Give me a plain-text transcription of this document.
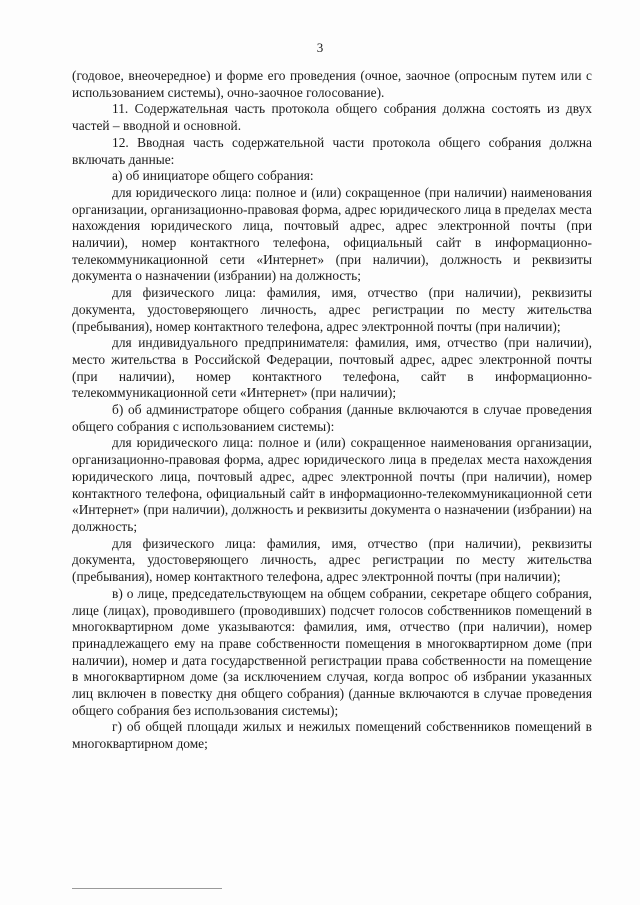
3

(годовое, внеочередное) и форме его проведения (очное, заочное (опросным путем или с использованием системы), очно-заочное голосование).

11. Содержательная часть протокола общего собрания должна состоять из двух частей – вводной и основной.

12. Вводная часть содержательной части протокола общего собрания должна включать данные:

а) об инициаторе общего собрания:

для юридического лица: полное и (или) сокращенное (при наличии) наименования организации, организационно-правовая форма, адрес юридического лица в пределах места нахождения юридического лица, почтовый адрес, адрес электронной почты (при наличии), номер контактного телефона, официальный сайт в информационно-телекоммуникационной сети «Интернет» (при наличии), должность и реквизиты документа о назначении (избрании) на должность;

для физического лица: фамилия, имя, отчество (при наличии), реквизиты документа, удостоверяющего личность, адрес регистрации по месту жительства (пребывания), номер контактного телефона, адрес электронной почты (при наличии);

для индивидуального предпринимателя: фамилия, имя, отчество (при наличии), место жительства в Российской Федерации, почтовый адрес, адрес электронной почты (при наличии), номер контактного телефона, сайт в информационно-телекоммуникационной сети «Интернет» (при наличии);

б) об администраторе общего собрания (данные включаются в случае проведения общего собрания с использованием системы):

для юридического лица: полное и (или) сокращенное наименования организации, организационно-правовая форма, адрес юридического лица в пределах места нахождения юридического лица, почтовый адрес, адрес электронной почты (при наличии), номер контактного телефона, официальный сайт в информационно-телекоммуникационной сети «Интернет» (при наличии), должность и реквизиты документа о назначении (избрании) на должность;

для физического лица: фамилия, имя, отчество (при наличии), реквизиты документа, удостоверяющего личность, адрес регистрации по месту жительства (пребывания), номер контактного телефона, адрес электронной почты (при наличии);

в) о лице, председательствующем на общем собрании, секретаре общего собрания, лице (лицах), проводившего (проводивших) подсчет голосов собственников помещений в многоквартирном доме указываются: фамилия, имя, отчество (при наличии), номер принадлежащего ему на праве собственности помещения в многоквартирном доме (при наличии), номер и дата государственной регистрации права собственности на помещение в многоквартирном доме (за исключением случая, когда вопрос об избрании указанных лиц включен в повестку дня общего собрания) (данные включаются в случае проведения общего собрания без использования системы);

г) об общей площади жилых и нежилых помещений собственников помещений в многоквартирном доме;
